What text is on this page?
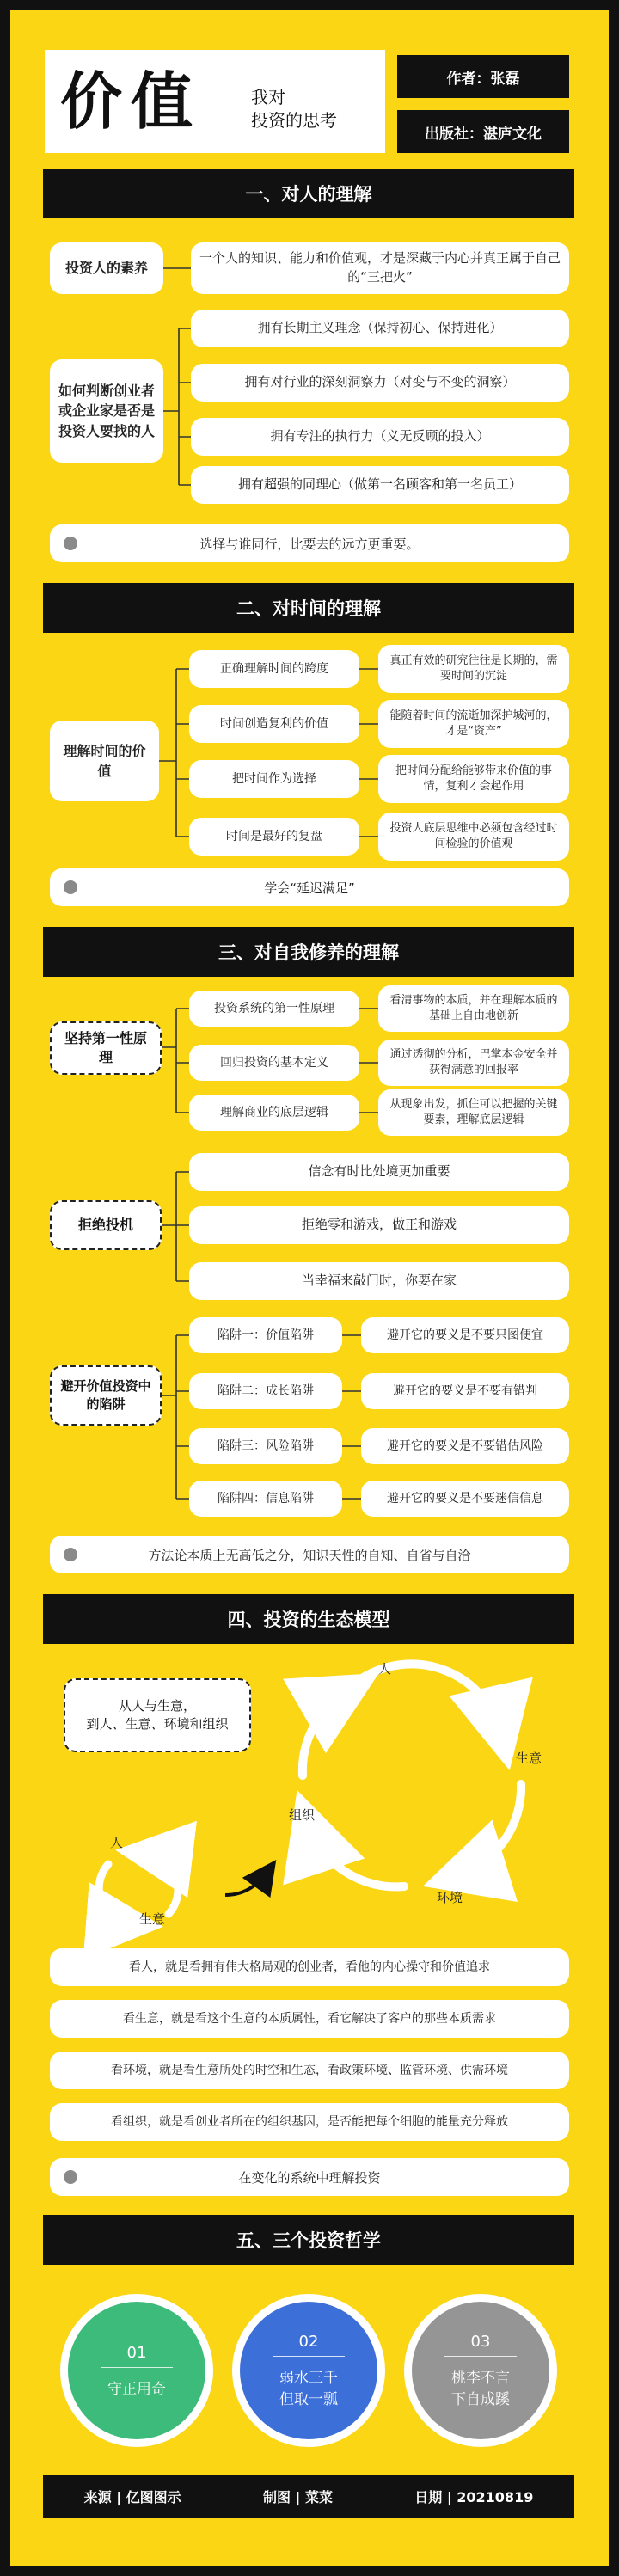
价值	我对
投资的思考
作者：张磊
出版社：湛庐文化
一、对人的理解
投资人的素养
一个人的知识、能力和价值观，才是深藏于内心并真正属于自己的“三把火”
如何判断创业者或企业家是否是投资人要找的人
拥有长期主义理念（保持初心、保持进化）
拥有对行业的深刻洞察力（对变与不变的洞察）
拥有专注的执行力（义无反顾的投入）
拥有超强的同理心（做第一名顾客和第一名员工）
选择与谁同行，比要去的远方更重要。
二、对时间的理解
理解时间的价值
正确理解时间的跨度
时间创造复利的价值
把时间作为选择
时间是最好的复盘
真正有效的研究往往是长期的，需要时间的沉淀
能随着时间的流逝加深护城河的，才是“资产”
把时间分配给能够带来价值的事情，复利才会起作用
投资人底层思维中必须包含经过时间检验的价值观
学会“延迟满足”
三、对自我修养的理解
坚持第一性原理
投资系统的第一性原理
回归投资的基本定义
理解商业的底层逻辑
看清事物的本质，并在理解本质的基础上自由地创新
通过透彻的分析，巴掌本金安全并获得满意的回报率
从现象出发，抓住可以把握的关键要素，理解底层逻辑
拒绝投机
信念有时比处境更加重要
拒绝零和游戏，做正和游戏
当幸福来敲门时，你要在家
避开价值投资中的陷阱
陷阱一：价值陷阱
陷阱二：成长陷阱
陷阱三：风险陷阱
陷阱四：信息陷阱
避开它的要义是不要只图便宜
避开它的要义是不要有错判
避开它的要义是不要错估风险
避开它的要义是不要迷信信息
方法论本质上无高低之分，知识天性的自知、自省与自洽
四、投资的生态模型
从人与生意，
到人、生意、环境和组织
人
生意
人
生意
环境
组织
看人，就是看拥有伟大格局观的创业者，看他的内心操守和价值追求
看生意，就是看这个生意的本质属性，看它解决了客户的那些本质需求
看环境，就是看生意所处的时空和生态，看政策环境、监管环境、供需环境
看组织，就是看创业者所在的组织基因，是否能把每个细胞的能量充分释放
在变化的系统中理解投资
五、三个投资哲学
01
守正用奇
02
弱水三千
但取一瓢
03
桃李不言
下自成蹊
来源 | 亿图图示	制图 | 菜菜	日期 | 20210819
